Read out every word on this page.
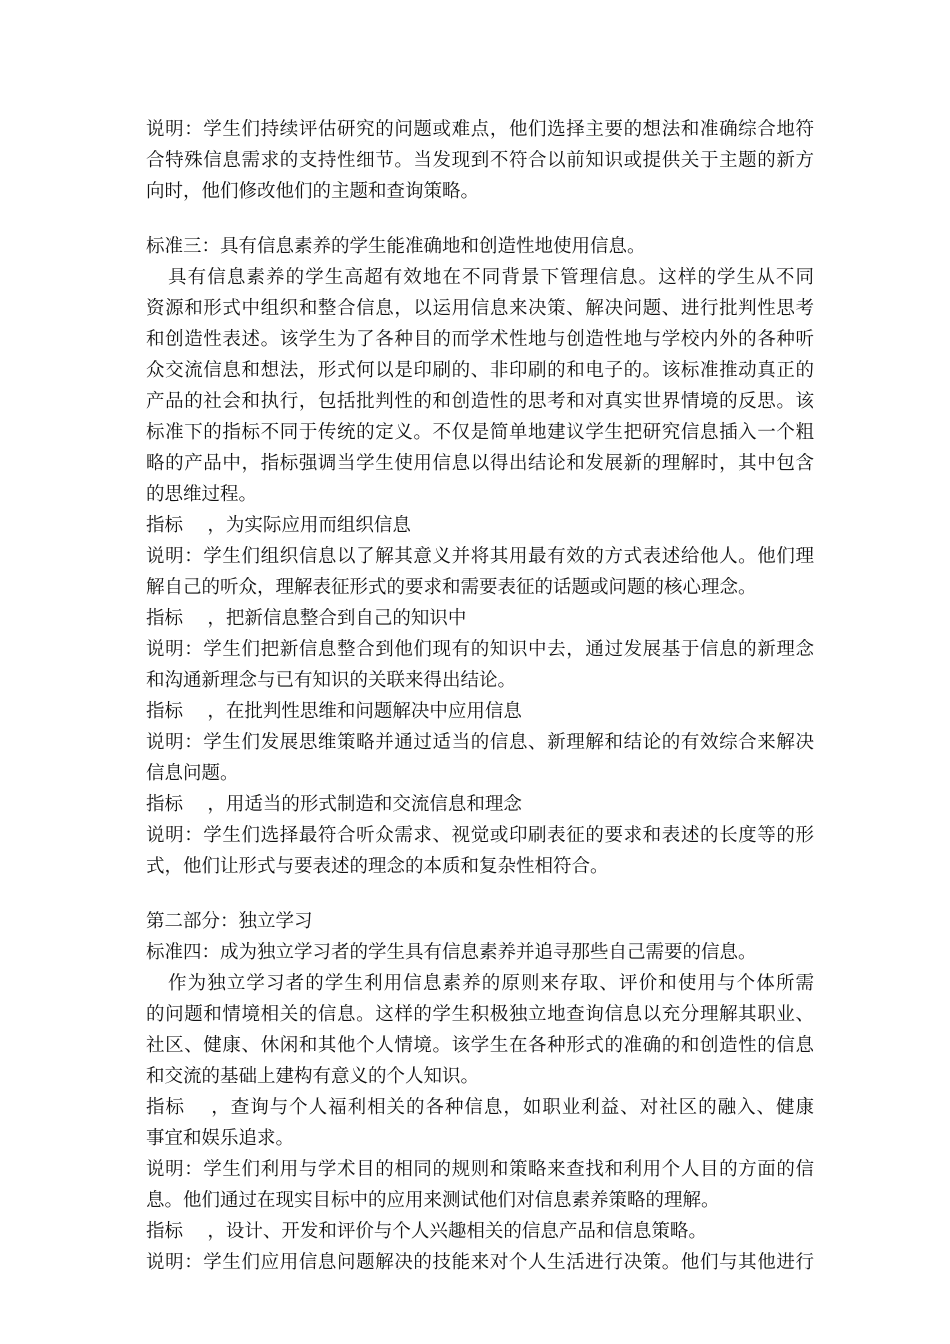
说明：学生们持续评估研究的问题或难点，他们选择主要的想法和准确综合地符
合特殊信息需求的支持性细节。当发现到不符合以前知识或提供关于主题的新方
向时，他们修改他们的主题和查询策略。
标准三：具有信息素养的学生能准确地和创造性地使用信息。
具有信息素养的学生高超有效地在不同背景下管理信息。这样的学生从不同
资源和形式中组织和整合信息，以运用信息来决策、解决问题、进行批判性思考
和创造性表述。该学生为了各种目的而学术性地与创造性地与学校内外的各种听
众交流信息和想法，形式何以是印刷的、非印刷的和电子的。该标准推动真正的
产品的社会和执行，包括批判性的和创造性的思考和对真实世界情境的反思。该
标准下的指标不同于传统的定义。不仅是简单地建议学生把研究信息插入一个粗
略的产品中，指标强调当学生使用信息以得出结论和发展新的理解时，其中包含
的思维过程。
指标　 ，为实际应用而组织信息
说明：学生们组织信息以了解其意义并将其用最有效的方式表述给他人。他们理
解自己的听众，理解表征形式的要求和需要表征的话题或问题的核心理念。
指标　 ，把新信息整合到自己的知识中
说明：学生们把新信息整合到他们现有的知识中去，通过发展基于信息的新理念
和沟通新理念与已有知识的关联来得出结论。
指标　 ，在批判性思维和问题解决中应用信息
说明：学生们发展思维策略并通过适当的信息、新理解和结论的有效综合来解决
信息问题。
指标　 ，用适当的形式制造和交流信息和理念
说明：学生们选择最符合听众需求、视觉或印刷表征的要求和表述的长度等的形
式，他们让形式与要表述的理念的本质和复杂性相符合。
第二部分：独立学习
标准四：成为独立学习者的学生具有信息素养并追寻那些自己需要的信息。
作为独立学习者的学生利用信息素养的原则来存取、评价和使用与个体所需
的问题和情境相关的信息。这样的学生积极独立地查询信息以充分理解其职业、
社区、健康、休闲和其他个人情境。该学生在各种形式的准确的和创造性的信息
和交流的基础上建构有意义的个人知识。
指标　 ，查询与个人福利相关的各种信息，如职业利益、对社区的融入、健康
事宜和娱乐追求。
说明：学生们利用与学术目的相同的规则和策略来查找和利用个人目的方面的信
息。他们通过在现实目标中的应用来测试他们对信息素养策略的理解。
指标　 ，设计、开发和评价与个人兴趣相关的信息产品和信息策略。
说明：学生们应用信息问题解决的技能来对个人生活进行决策。他们与其他进行
